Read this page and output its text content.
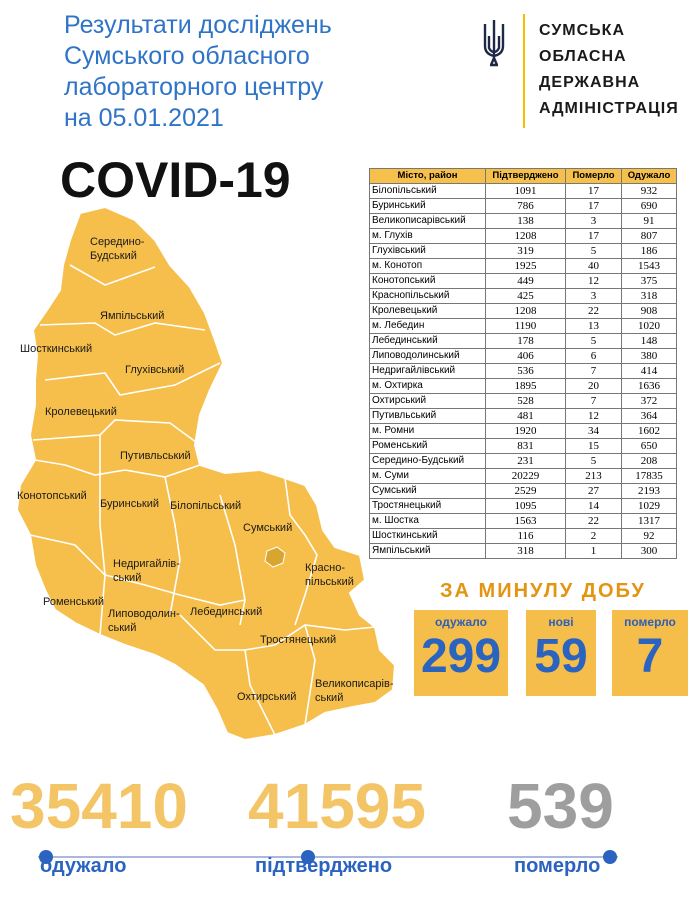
Результати досліджень
Сумського обласного
лабораторного центру
на 05.01.2021
COVID-19
СУМСЬКА
ОБЛАСНА
ДЕРЖАВНА
АДМІНІСТРАЦІЯ
Середино-
Будський
Ямпільський
Шосткинський
Глухівський
Кролевецький
Путивльський
Конотопський
Буринський Білопільський
Сумський
Недригайлів-
ський
Красно-
пільський
Роменський
Липоводолин-
ський
Лебединський
Тростянецький
Великописарів-
ський
Охтирський
Місто, район	Підтверджено	Померло	Одужало
Білопільський	1091	17	932
Буринський	786	17	690
Великописарівський	138	3	91
м. Глухів	1208	17	807
Глухівський	319	5	186
м. Конотоп	1925	40	1543
Конотопський	449	12	375
Краснопільський	425	3	318
Кролевецький	1208	22	908
м. Лебедин	1190	13	1020
Лебединський	178	5	148
Липоводолинський	406	6	380
Недригайлівський	536	7	414
м. Охтирка	1895	20	1636
Охтирський	528	7	372
Путивльський	481	12	364
м. Ромни	1920	34	1602
Роменський	831	15	650
Середино-Будський	231	5	208
м. Суми	20229	213	17835
Сумський	2529	27	2193
Тростянецький	1095	14	1029
м. Шостка	1563	22	1317
Шосткинський	116	2	92
Ямпільський	318	1	300
ЗА МИНУЛУ ДОБУ
одужало
299
нові
59
померло
7
35410 41595 539
одужало	підтверджено	померло
